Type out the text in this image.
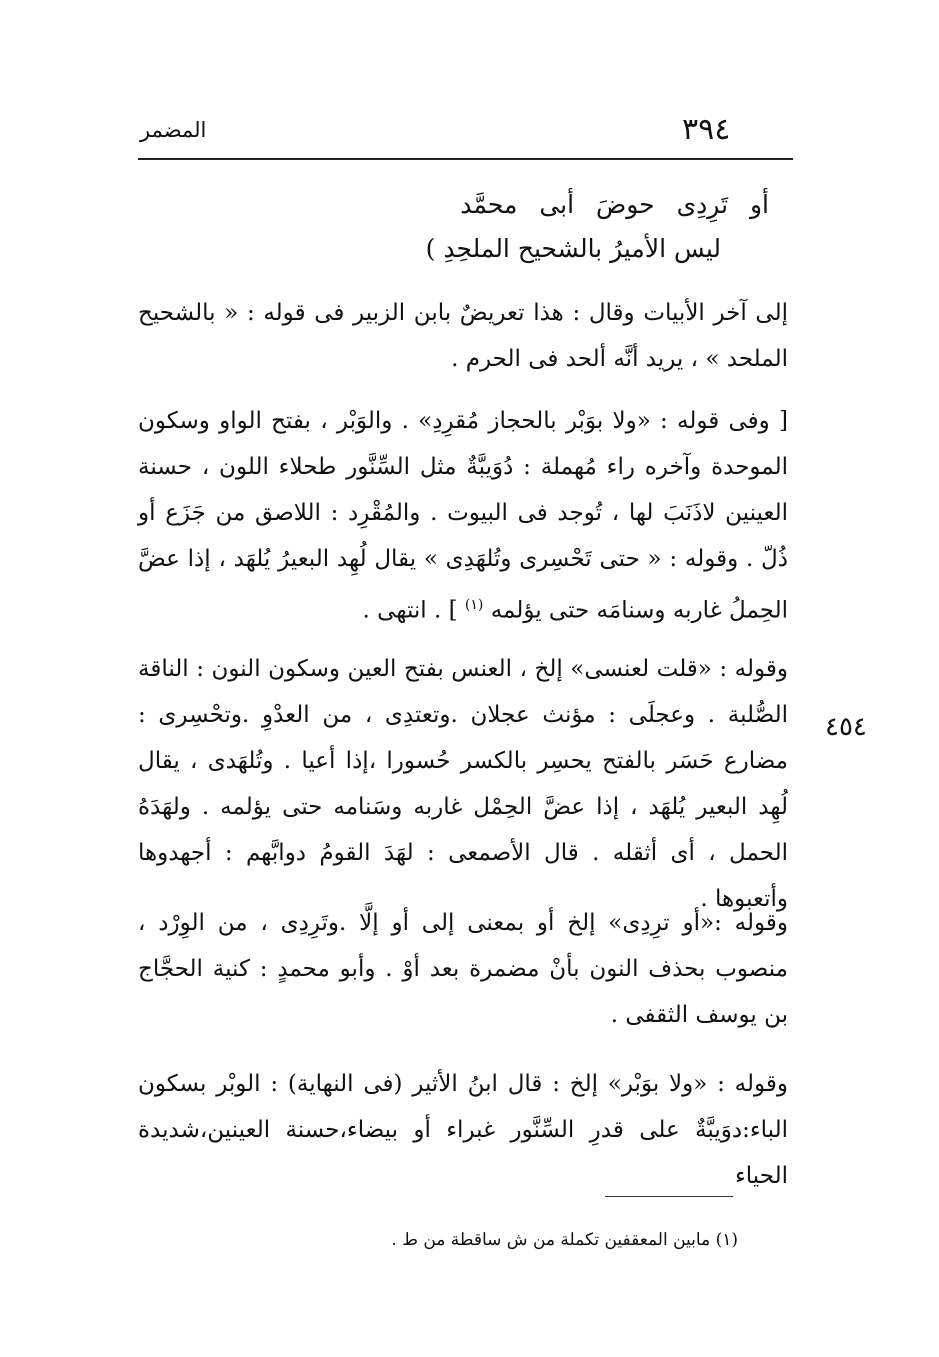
٣٩٤
المضمر
أو تَرِدِى حوضَ أبى محمَّد
ليس الأميرُ بالشحيح الملحِدِ )
إلى آخر الأبيات وقال : هذا تعريضٌ بابن الزبير فى قوله : « بالشحيح الملحد » ، يريد أنَّه ألحد فى الحرم .
[ وفى قوله : «ولا بوَبْر بالحجاز مُقرِدِ» . والوَبْر ، بفتح الواو وسكون الموحدة وآخره راء مُهملة : دُوَيبَّةٌ مثل السِّنَّور طحلاء اللون ، حسنة العينين لاذَنَبَ لها ، تُوجد فى البيوت . والمُقْرِد : اللاصق من جَزَع أو ذُلّ . وقوله : « حتى تَحْسِرى وتُلهَدِى » يقال لُهِد البعيرُ يُلهَد ، إذا عضَّ الحِملُ غاربه وسنامَه حتى يؤلمه $^{(١)}$ ] . انتهى .
وقوله : «قلت لعنسى» إلخ ، العنس بفتح العين وسكون النون : الناقة الصُّلبة . وعجلَى : مؤنث عجلان .وتعتدِى ، من العدْوِ .وتحْسِرى : مضارع حَسَر بالفتح يحسِر بالكسر حُسورا ،إذا أعيا . وتُلهَدى ، يقال لُهِد البعير يُلهَد ، إذا عضَّ الحِمْل غاربه وسَنامه حتى يؤلمه . ولهَدَهُ الحمل ، أى أثقله . قال الأصمعى : لهَدَ القومُ دوابَّهم : أجهدوها وأتعبوها .
٤٥٤
وقوله :«أو ترِدِى» إلخ أو بمعنى إلى أو إلَّا .وتَرِدِى ، من الوِرْد ، منصوب بحذف النون بأنْ مضمرة بعد أوْ . وأبو محمدٍ : كنية الحجَّاج بن يوسف الثقفى .
وقوله : «ولا بوَبْر» إلخ : قال ابنُ الأثير (فى النهاية) : الوبْر بسكون الباء:دوَيبَّةٌ على قدرِ السِّنَّور غبراء أو بيضاء،حسنة العينين،شديدة الحياء
(١) مابين المعقفين تكملة من ش ساقطة من ط .
